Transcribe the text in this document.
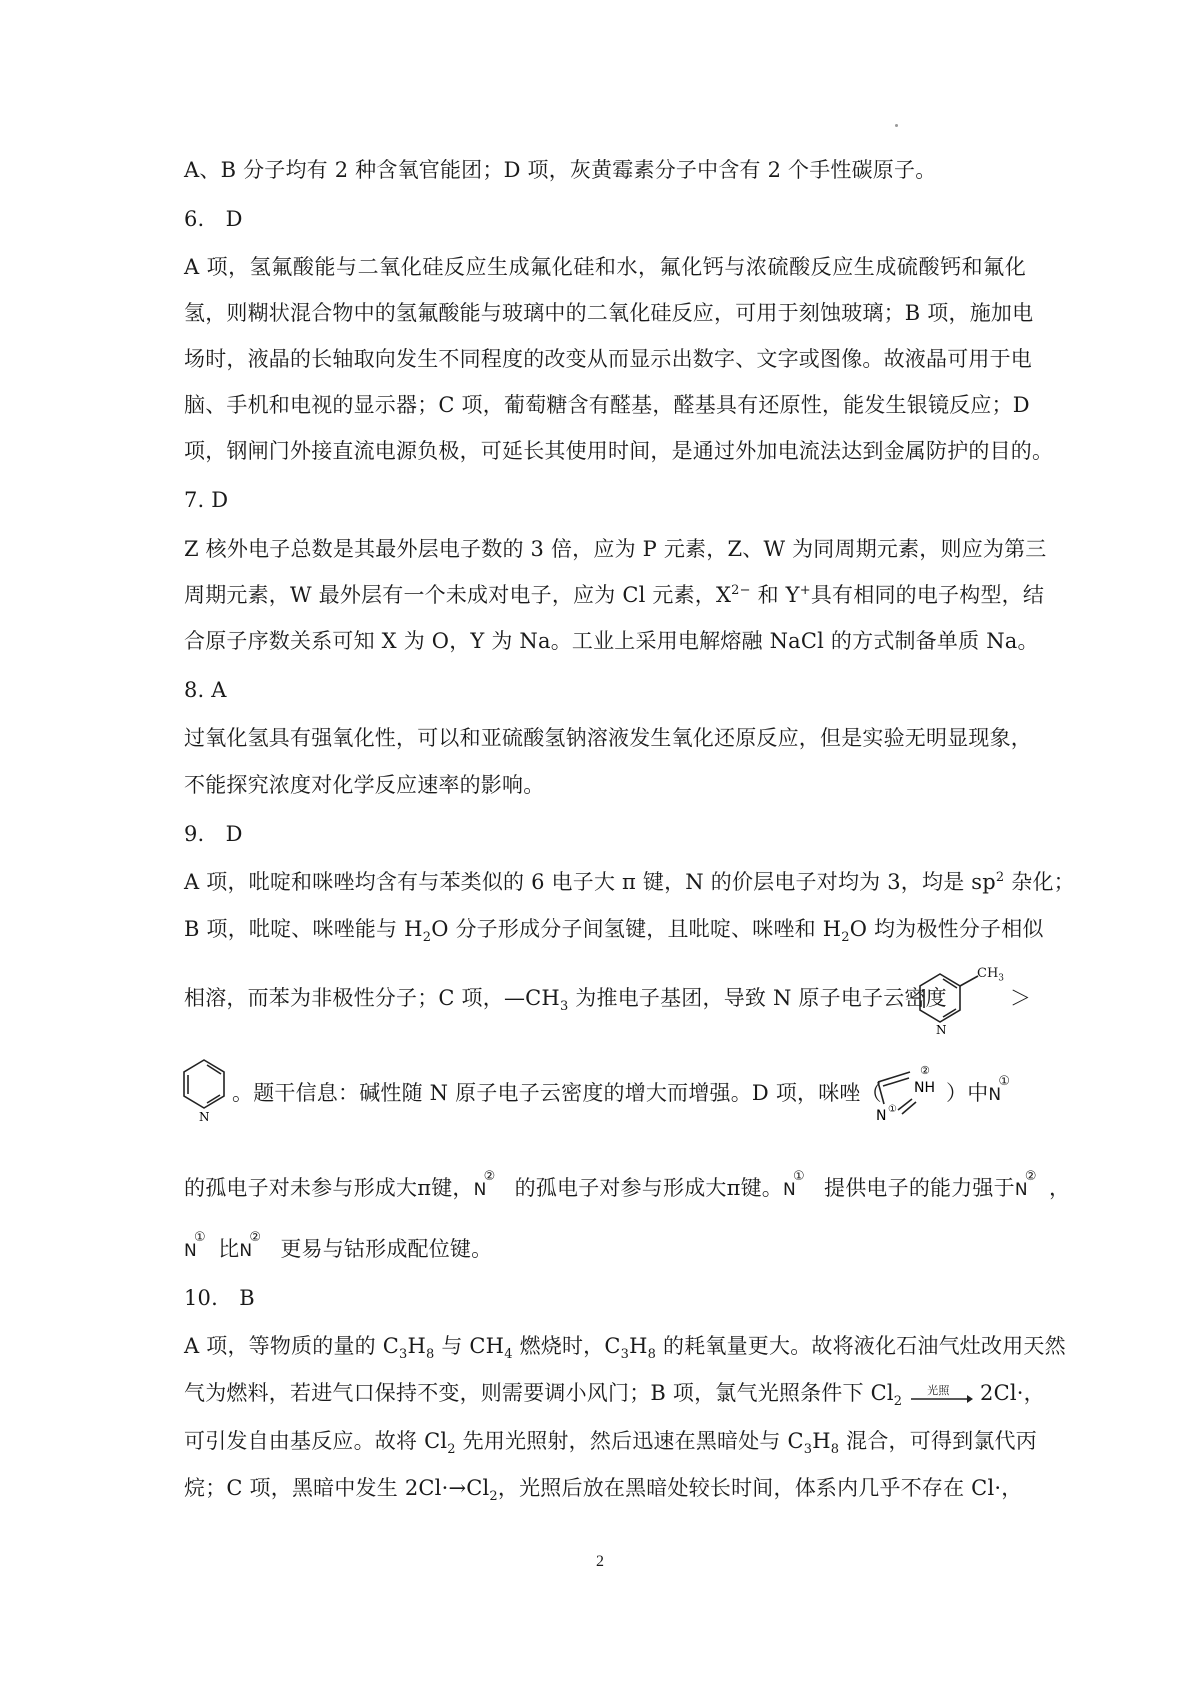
A、B 分子均有 2 种含氧官能团；D 项，灰黄霉素分子中含有 2 个手性碳原子。
6.　D
A 项，氢氟酸能与二氧化硅反应生成氟化硅和水，氟化钙与浓硫酸反应生成硫酸钙和氟化
氢，则糊状混合物中的氢氟酸能与玻璃中的二氧化硅反应，可用于刻蚀玻璃；B 项，施加电
场时，液晶的长轴取向发生不同程度的改变从而显示出数字、文字或图像。故液晶可用于电
脑、手机和电视的显示器；C 项，葡萄糖含有醛基，醛基具有还原性，能发生银镜反应；D
项，钢闸门外接直流电源负极，可延长其使用时间，是通过外加电流法达到金属防护的目的。
7. D
Z 核外电子总数是其最外层电子数的 3 倍，应为 P 元素，Z、W 为同周期元素，则应为第三
周期元素，W 最外层有一个未成对电子，应为 Cl 元素，$X^{2-}$ 和 Y+具有相同的电子构型，结
合原子序数关系可知 X 为 O，Y 为 Na。工业上采用电解熔融 NaCl 的方式制备单质 Na。
8. A
过氧化氢具有强氧化性，可以和亚硫酸氢钠溶液发生氧化还原反应，但是实验无明显现象，
不能探究浓度对化学反应速率的影响。
9.　D
A 项，吡啶和咪唑均含有与苯类似的 6 电子大 π 键，N 的价层电子对均为 3，均是 $sp^2$ 杂化；
B 项，吡啶、咪唑能与 $H_2O$ 分子形成分子间氢键，且吡啶、咪唑和 $H_2O$ 均为极性分子相似
相溶，而苯为非极性分子；C 项，$—CH_3$ 为推电子基团，导致 N 原子电子云密度
N
$CH_3$
＞
N
。题干信息：碱性随 N 原子电子云密度的增大而增强。D 项，咪唑（ NH
②
N ①
）中N
①
的孤电子对未参与形成大π键，N
②
  的孤电子对参与形成大π键。N
①
  提供电子的能力强于N
②
  ，
N
①
  比N
②
  更易与钴形成配位键。
10.　B
A 项，等物质的量的 $C_3H_8$ 与 $CH_4$ 燃烧时，$C_3H_8$ 的耗氧量更大。故将液化石油气灶改用天然
气为燃料，若进气口保持不变，则需要调小风门；B 项，氯气光照条件下 $Cl_2$
光照 2Cl·，
可引发自由基反应。故将 $Cl_2$ 先用光照射，然后迅速在黑暗处与 $C_3H_8$ 混合，可得到氯代丙
烷；C 项，黑暗中发生 $2Cl\cdot\to Cl_2$，光照后放在黑暗处较长时间，体系内几乎不存在 Cl·，
2
